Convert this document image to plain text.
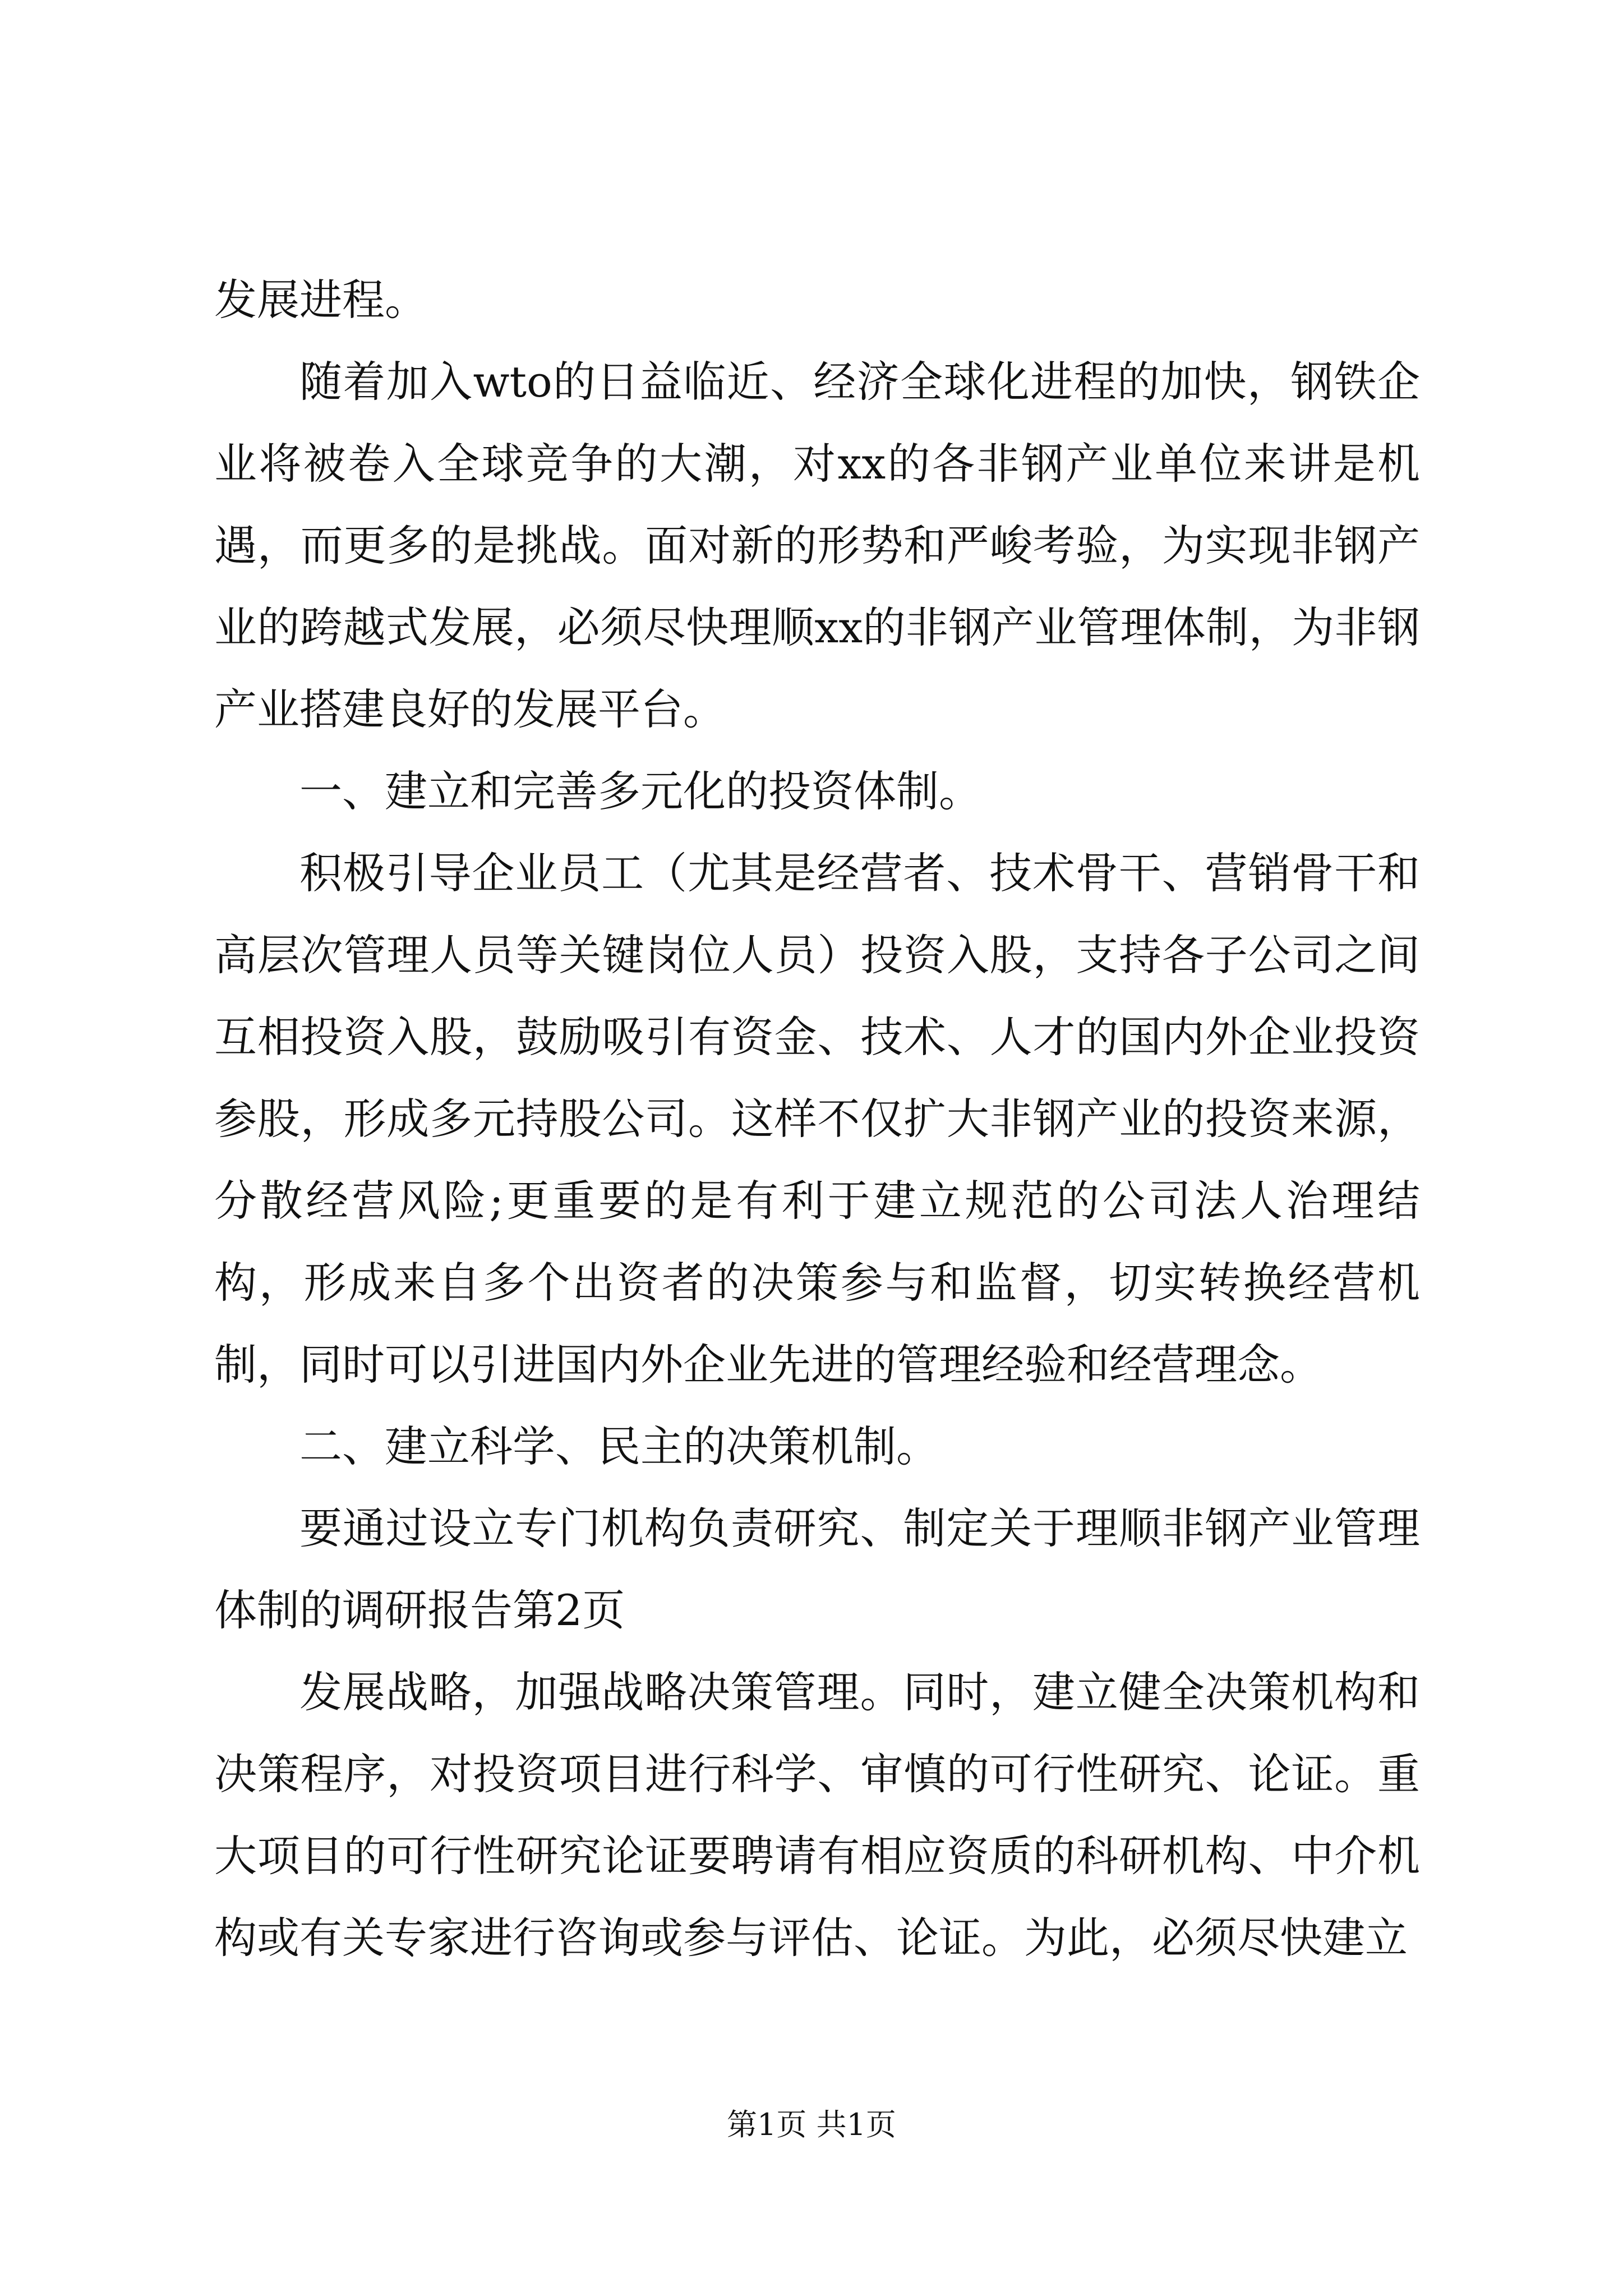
发展进程。

随着加入wto的日益临近、经济全球化进程的加快，钢铁企业将被卷入全球竞争的大潮，对xx的各非钢产业单位来讲是机遇，而更多的是挑战。面对新的形势和严峻考验，为实现非钢产业的跨越式发展，必须尽快理顺xx的非钢产业管理体制，为非钢产业搭建良好的发展平台。

一、建立和完善多元化的投资体制。

积极引导企业员工（尤其是经营者、技术骨干、营销骨干和高层次管理人员等关键岗位人员）投资入股，支持各子公司之间互相投资入股，鼓励吸引有资金、技术、人才的国内外企业投资参股，形成多元持股公司。这样不仅扩大非钢产业的投资来源，分散经营风险;更重要的是有利于建立规范的公司法人治理结构，形成来自多个出资者的决策参与和监督，切实转换经营机制，同时可以引进国内外企业先进的管理经验和经营理念。

二、建立科学、民主的决策机制。

要通过设立专门机构负责研究、制定关于理顺非钢产业管理体制的调研报告第2页

发展战略，加强战略决策管理。同时，建立健全决策机构和决策程序，对投资项目进行科学、审慎的可行性研究、论证。重大项目的可行性研究论证要聘请有相应资质的科研机构、中介机构或有关专家进行咨询或参与评估、论证。为此，必须尽快建立

第1页 共1页
